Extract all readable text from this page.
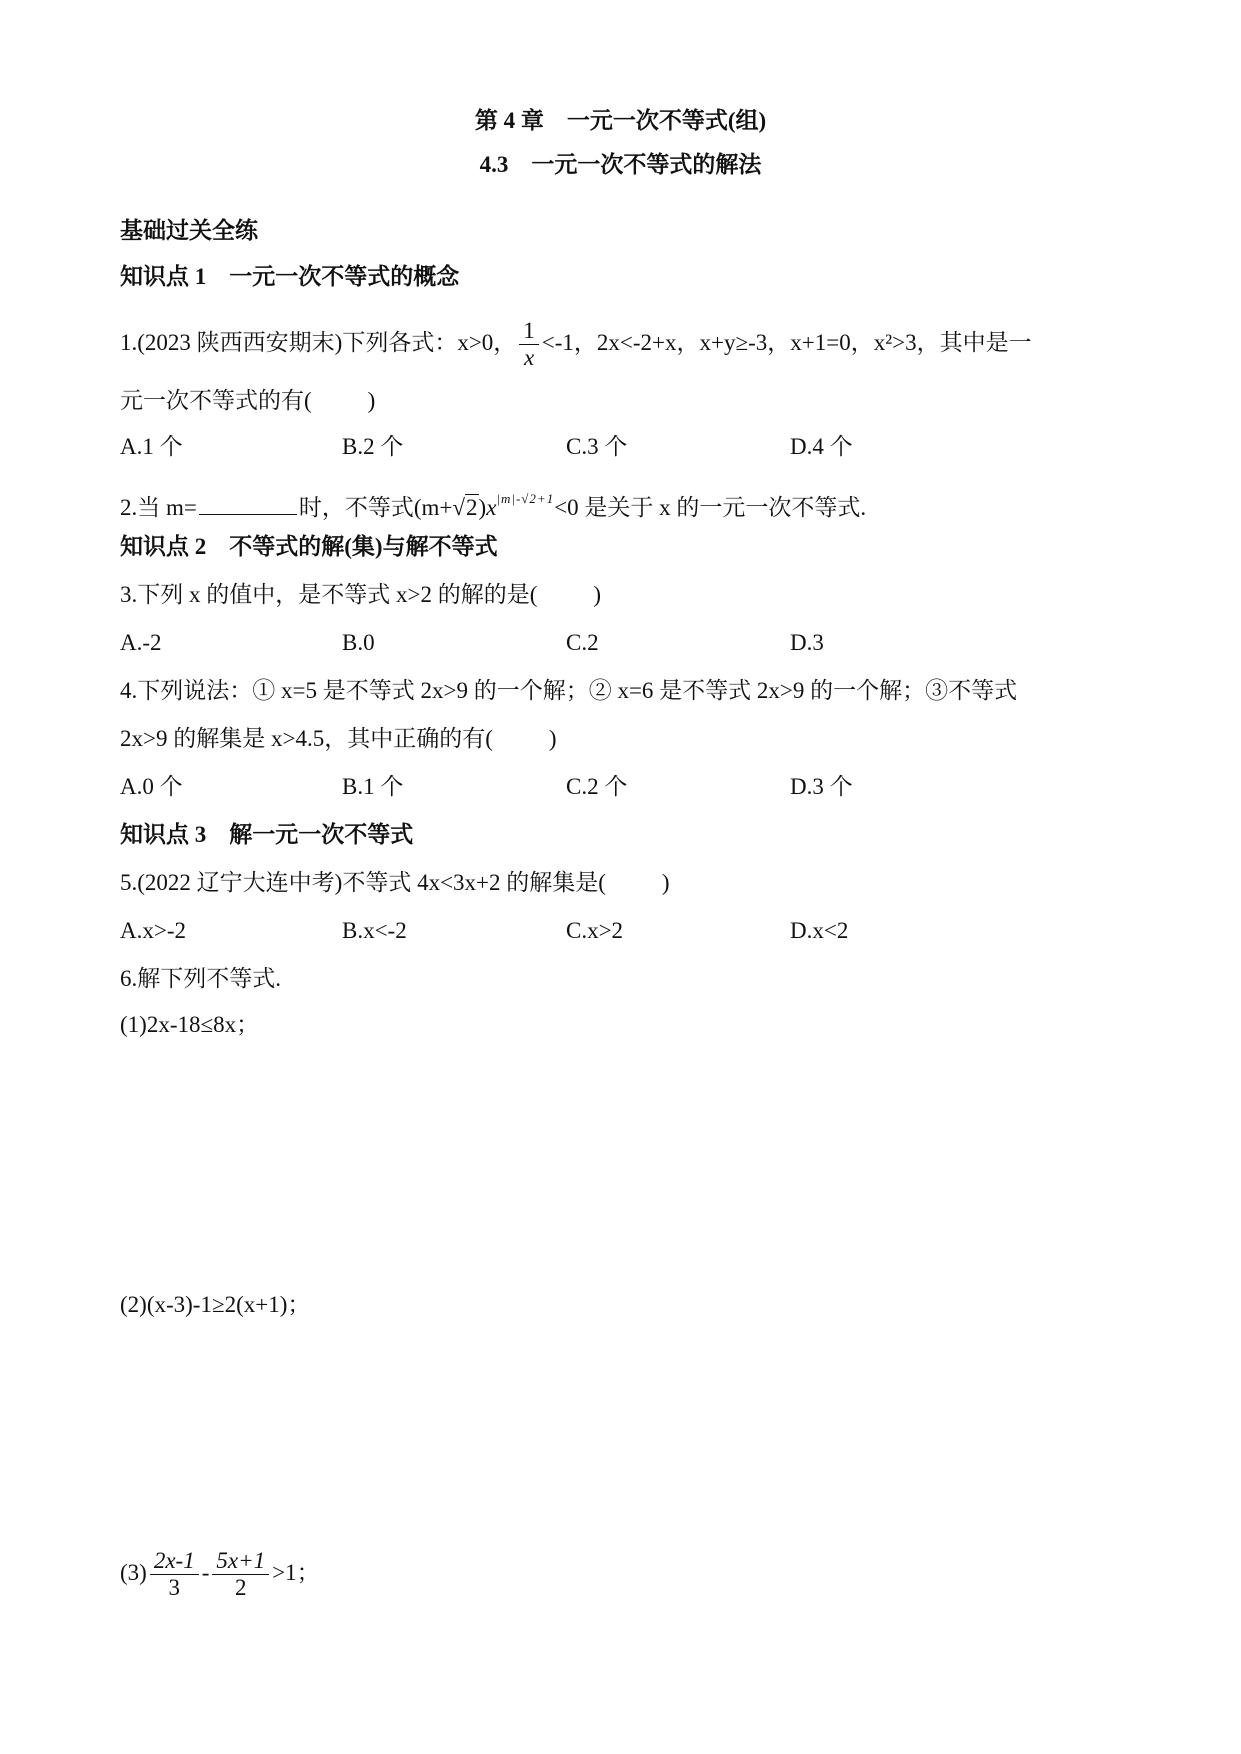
第 4 章　一元一次不等式(组)
4.3　一元一次不等式的解法
基础过关全练
知识点 1　一元一次不等式的概念
1.(2023 陕西西安期末)下列各式：x>0， $\frac{1}{x} <-1$，2x<-2+x，x+y≥-3，x+1=0，x²>3，其中是一
元一次不等式的有( )
A.1 个	B.2 个	C.3 个	D.4 个
2.当 m=	时，不等式$(m+√2)x^{|m|-√2+1}<0$ 是关于 x 的一元一次不等式.
知识点 2　不等式的解(集)与解不等式
3.下列 x 的值中，是不等式 x>2 的解的是( )
A.-2	B.0	C.2	D.3
4.下列说法：① x=5 是不等式 2x>9 的一个解；② x=6 是不等式 2x>9 的一个解；③不等式
2x>9 的解集是 x>4.5，其中正确的有( )
A.0 个	B.1 个	C.2 个	D.3 个
知识点 3　解一元一次不等式
5.(2022 辽宁大连中考)不等式 4x<3x+2 的解集是( )
A.x>-2	B.x<-2	C.x>2	D.x<2
6.解下列不等式.
(1)2x-18≤8x；
(2)(x-3)-1≥2(x+1)；
$(3) \frac{2x-1}{3} - \frac{5x+1}{2} >1$；
